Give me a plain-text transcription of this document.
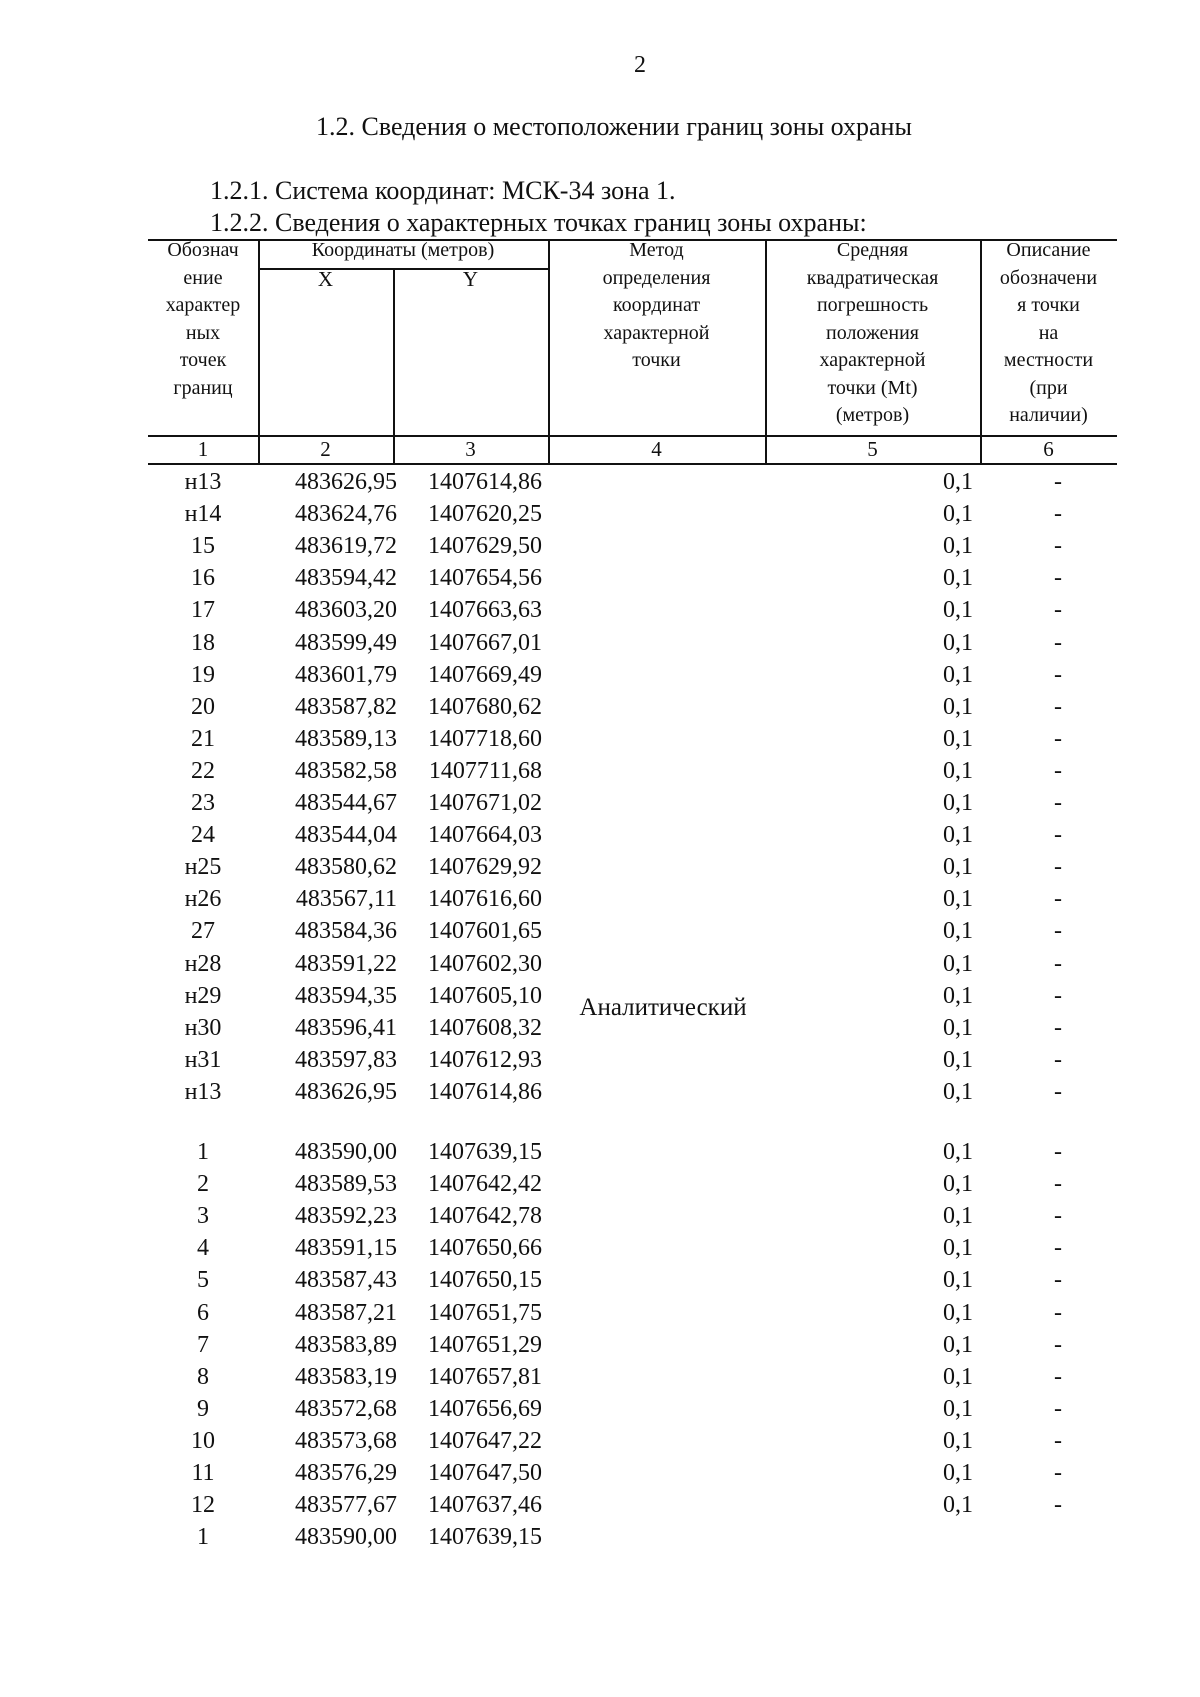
2
1.2. Сведения о местоположении границ зоны охраны
1.2.1. Система координат: МСК-34 зона 1.
1.2.2. Сведения о характерных точках границ зоны охраны:
Обознач
ение
характер
ных
точек
границ
Координаты (метров)
X	Y
Метод
определения
координат
характерной
точки
Средняя
квадратическая
погрешность
положения
характерной
точки (Mt)
(метров)
Описание
обозначени
я точки
на
местности
(при
наличии)
1	2	3	4	5	6
н13	483626,95	1407614,86	0,1	-
н14	483624,76	1407620,25	0,1	-
15	483619,72	1407629,50	0,1	-
16	483594,42	1407654,56	0,1	-
17	483603,20	1407663,63	0,1	-
18	483599,49	1407667,01	0,1	-
19	483601,79	1407669,49	0,1	-
20	483587,82	1407680,62	0,1	-
21	483589,13	1407718,60	0,1	-
22	483582,58	1407711,68	0,1	-
23	483544,67	1407671,02	0,1	-
24	483544,04	1407664,03	0,1	-
н25	483580,62	1407629,92	0,1	-
н26	483567,11	1407616,60	0,1	-
27	483584,36	1407601,65	0,1	-
н28	483591,22	1407602,30	0,1	-
н29	483594,35	1407605,10	0,1	-
н30	483596,41	1407608,32	0,1	-
н31	483597,83	1407612,93	0,1	-
н13	483626,95	1407614,86	0,1	-
1	483590,00	1407639,15	0,1	-
2	483589,53	1407642,42	0,1	-
3	483592,23	1407642,78	0,1	-
4	483591,15	1407650,66	0,1	-
5	483587,43	1407650,15	0,1	-
6	483587,21	1407651,75	0,1	-
7	483583,89	1407651,29	0,1	-
8	483583,19	1407657,81	0,1	-
9	483572,68	1407656,69	0,1	-
10	483573,68	1407647,22	0,1	-
11	483576,29	1407647,50	0,1	-
12	483577,67	1407637,46	0,1	-
1	483590,00	1407639,15
Аналитический
